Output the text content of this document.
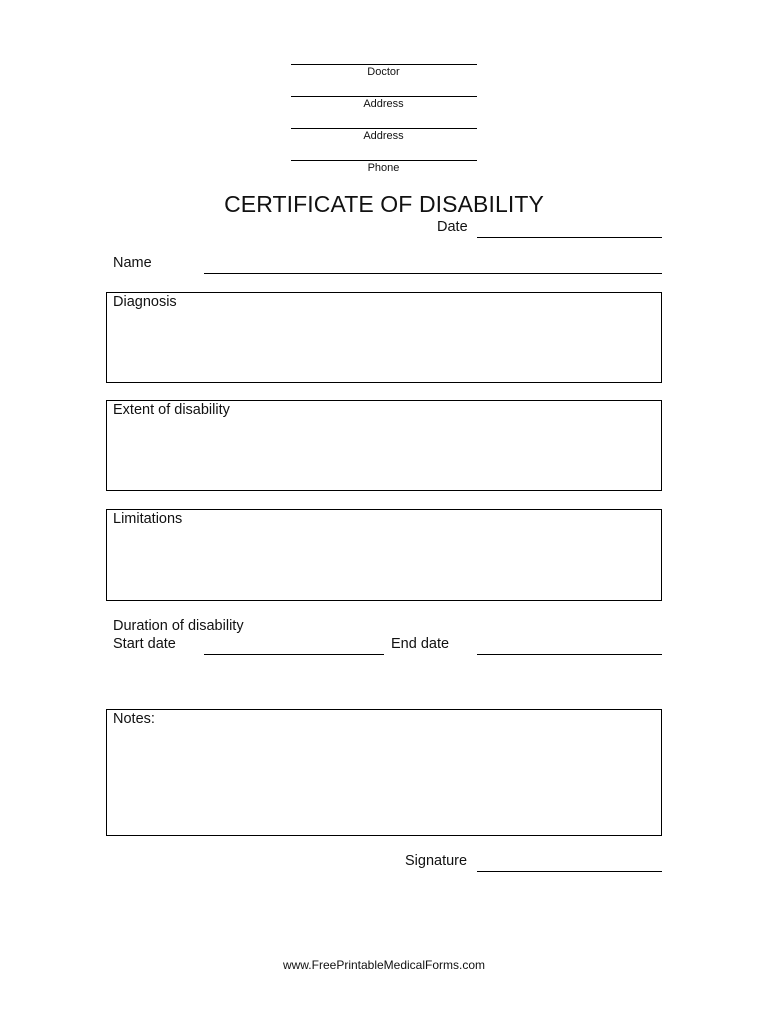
Doctor
Address
Address
Phone
CERTIFICATE OF DISABILITY
Date
Name
Diagnosis
Extent of disability
Limitations
Duration of disability
Start date	End date
Notes:
Signature
www.FreePrintableMedicalForms.com
